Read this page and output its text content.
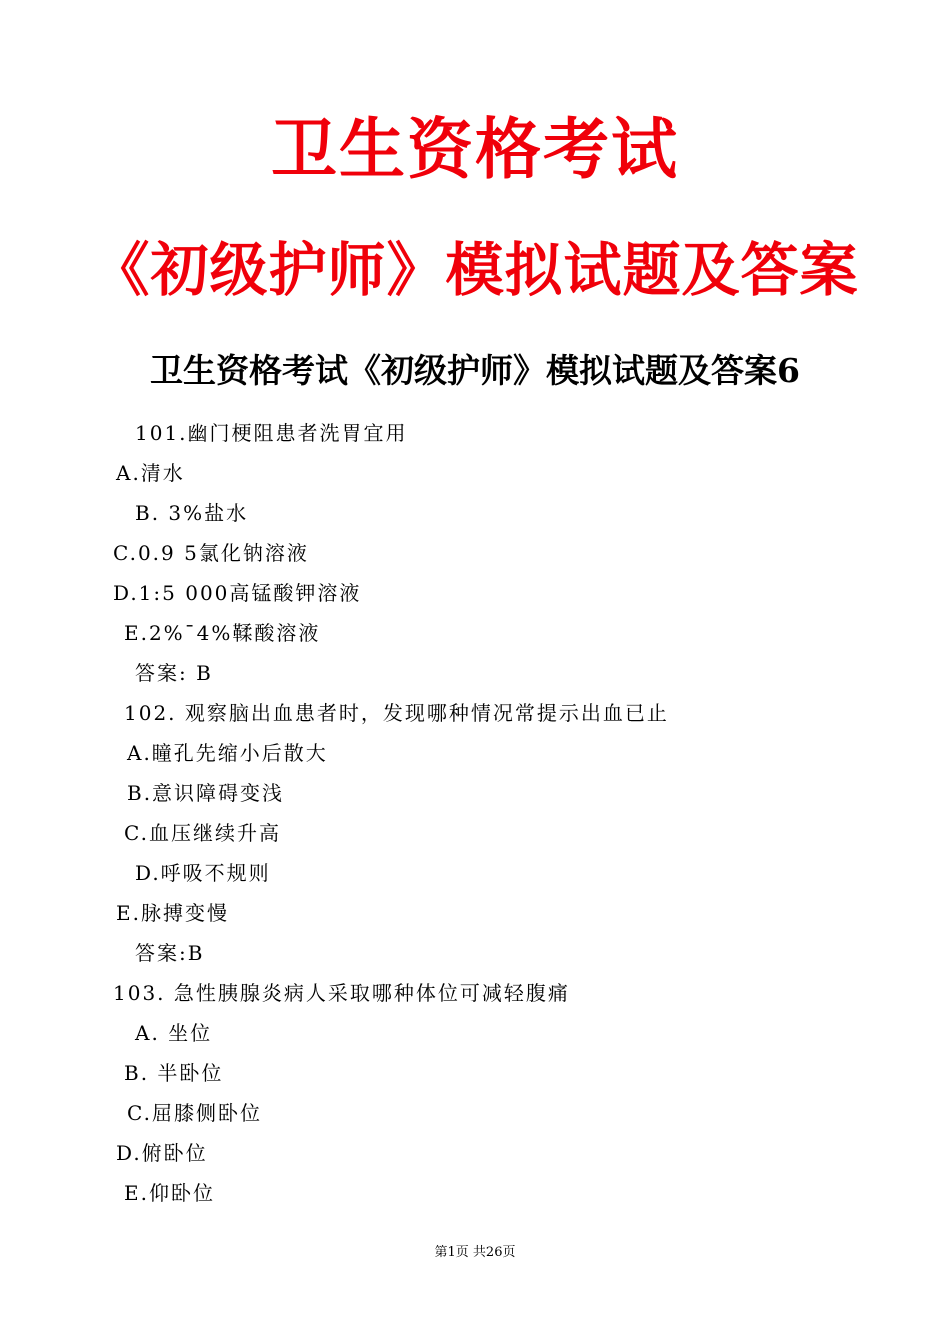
卫生资格考试
《初级护师》模拟试题及答案
卫生资格考试《初级护师》模拟试题及答案6
101.幽门梗阻患者洗胃宜用
A.清水
B. 3%盐水
C.0.9 5氯化钠溶液
D.1:5 000高锰酸钾溶液
E.2%¯4%鞣酸溶液
答案: B
102. 观察脑出血患者时，发现哪种情况常提示出血已止
A.瞳孔先缩小后散大
B.意识障碍变浅
C.血压继续升高
D.呼吸不规则
E.脉搏变慢
答案:B
103. 急性胰腺炎病人采取哪种体位可减轻腹痛
A. 坐位
B. 半卧位
C.屈膝侧卧位
D.俯卧位
E.仰卧位
第1页 共26页
